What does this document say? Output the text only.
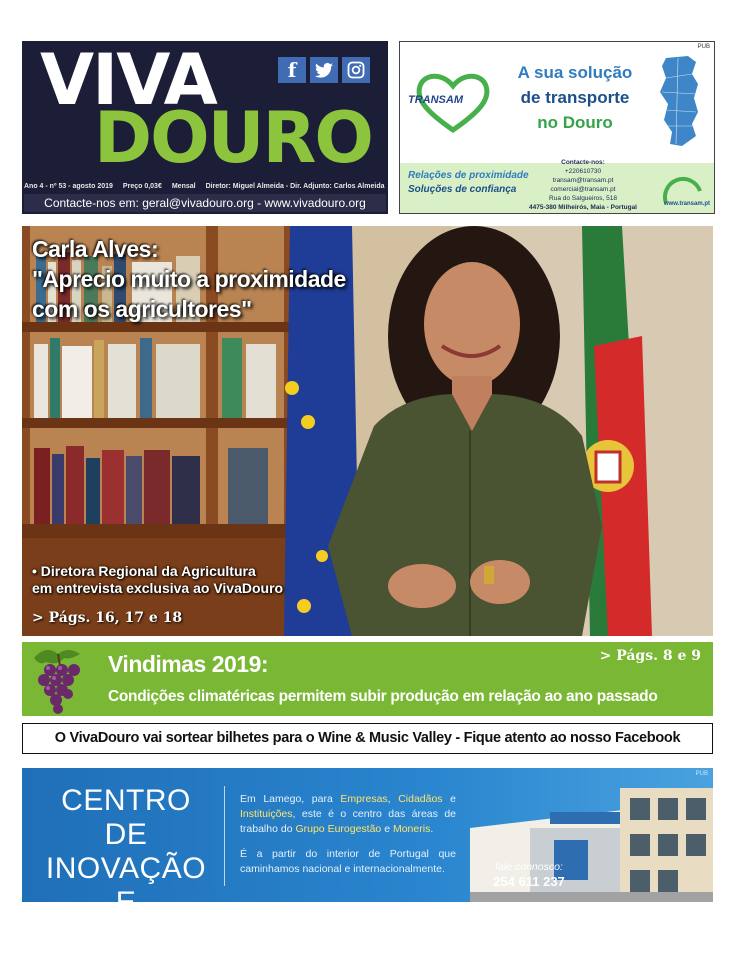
VIVA
DOURO
f
Ano 4 - nº 53 - agosto 2019 Preço 0,03€ Mensal Diretor: Miguel Almeida - Dir. Adjunto: Carlos Almeida
Contacte-nos em: geral@vivadouro.org - www.vivadouro.org
PUB
TRANSAM
A sua solução
de transporte
no Douro
Relações de proximidade
Soluções de confiança
Contacte-nos:
+220610730
transam@transam.pt
comercial@transam.pt
Rua do Salgueiros, 518
4475-380 Milheirós, Maia - Portugal	www.transam.pt
Carla Alves:
"Aprecio muito a proximidade
com os agricultores"
• Diretora Regional da Agricultura
em entrevista exclusiva ao VivaDouro
> Págs. 16, 17 e 18
Vindimas 2019:	> Págs. 8 e 9
Condições climatéricas permitem subir produção em relação ao ano passado
O VivaDouro vai sortear bilhetes para o Wine & Music Valley - Fique atento ao nosso Facebook
PUB
CENTRO DE
INOVAÇÃO
E SERVIÇOS

Em Lamego, para Empresas, Cidadãos e Instituições, este é o centro das áreas de trabalho do Grupo Eurogestão e Moneris.

É a partir do interior de Portugal que caminhamos nacional e internacionalmente.	fale connosco:
254 611 237
